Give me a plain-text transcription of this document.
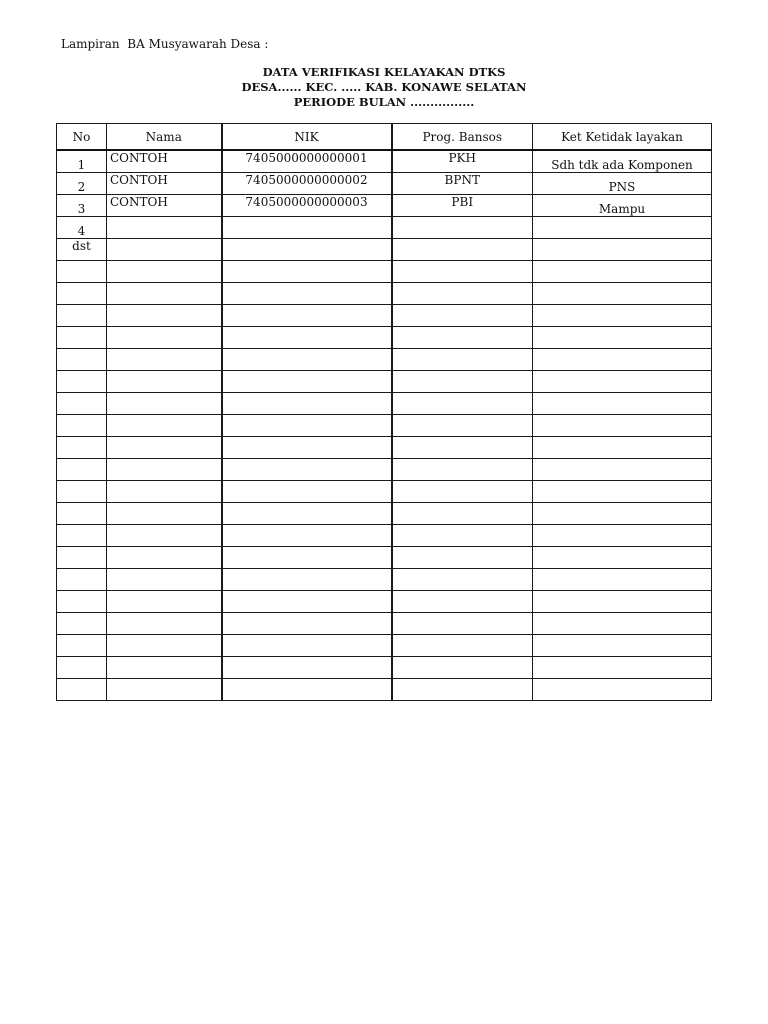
Lampiran  BA Musyawarah Desa :
DATA VERIFIKASI KELAYAKAN DTKS
DESA...... KEC. ..... KAB. KONAWE SELATAN
PERIODE BULAN ................
No	Nama	NIK	Prog. Bansos	Ket Ketidak layakan
1	CONTOH	7405000000000001	PKH	Sdh tdk ada Komponen
2	CONTOH	7405000000000002	BPNT	PNS
3	CONTOH	7405000000000003	PBI	Mampu
4				
dst				
